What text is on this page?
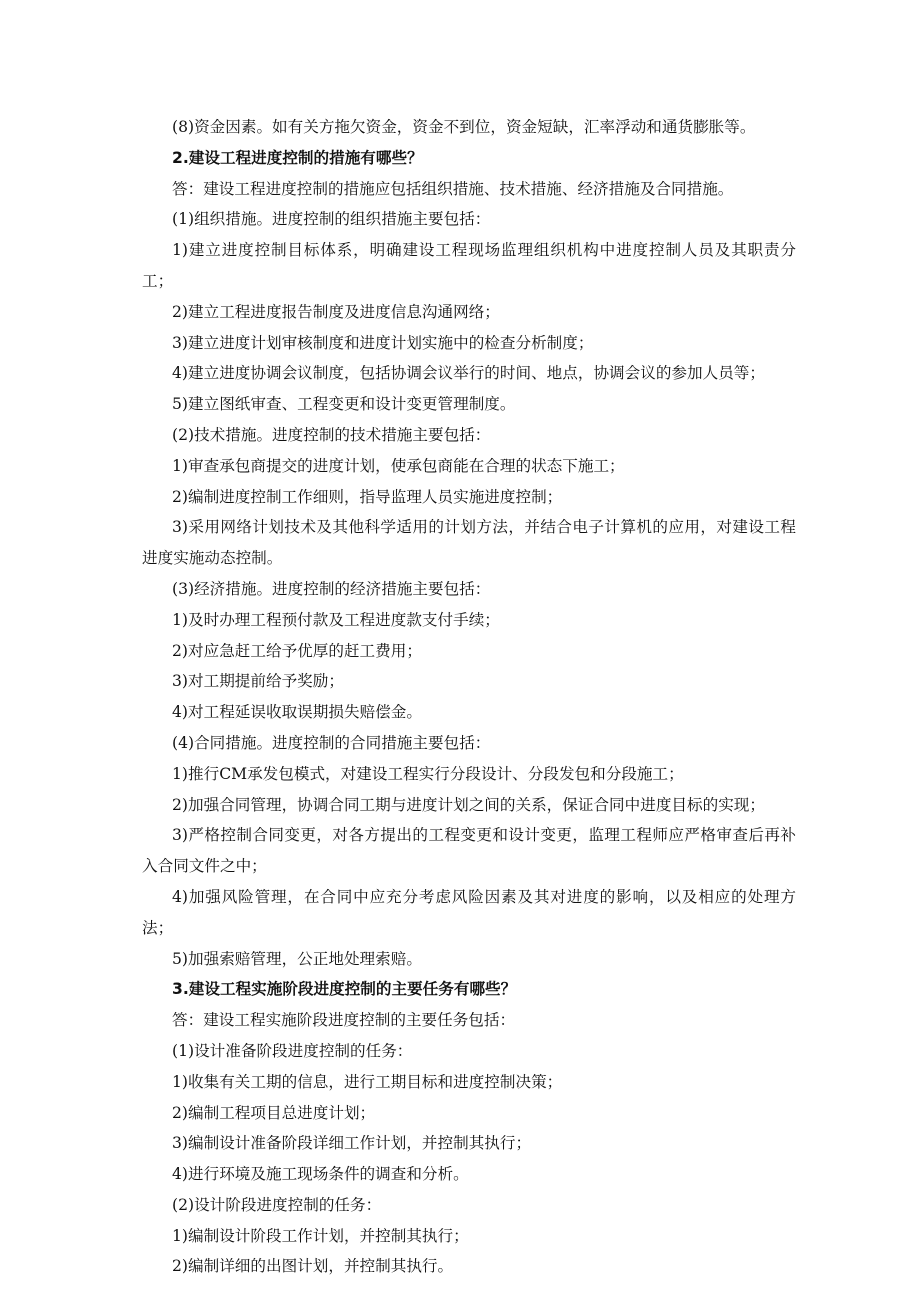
(8)资金因素。如有关方拖欠资金，资金不到位，资金短缺，汇率浮动和通货膨胀等。
2.建设工程进度控制的措施有哪些？
答：建设工程进度控制的措施应包括组织措施、技术措施、经济措施及合同措施。
(1)组织措施。进度控制的组织措施主要包括：
1)建立进度控制目标体系，明确建设工程现场监理组织机构中进度控制人员及其职责分工；
2)建立工程进度报告制度及进度信息沟通网络；
3)建立进度计划审核制度和进度计划实施中的检查分析制度；
4)建立进度协调会议制度，包括协调会议举行的时间、地点，协调会议的参加人员等；
5)建立图纸审查、工程变更和设计变更管理制度。
(2)技术措施。进度控制的技术措施主要包括：
1)审查承包商提交的进度计划，使承包商能在合理的状态下施工；
2)编制进度控制工作细则，指导监理人员实施进度控制；
3)采用网络计划技术及其他科学适用的计划方法，并结合电子计算机的应用，对建设工程进度实施动态控制。
(3)经济措施。进度控制的经济措施主要包括：
1)及时办理工程预付款及工程进度款支付手续；
2)对应急赶工给予优厚的赶工费用；
3)对工期提前给予奖励；
4)对工程延误收取误期损失赔偿金。
(4)合同措施。进度控制的合同措施主要包括：
1)推行CM承发包模式，对建设工程实行分段设计、分段发包和分段施工；
2)加强合同管理，协调合同工期与进度计划之间的关系，保证合同中进度目标的实现；
3)严格控制合同变更，对各方提出的工程变更和设计变更，监理工程师应严格审查后再补入合同文件之中；
4)加强风险管理，在合同中应充分考虑风险因素及其对进度的影响，以及相应的处理方法；
5)加强索赔管理，公正地处理索赔。
3.建设工程实施阶段进度控制的主要任务有哪些？
答：建设工程实施阶段进度控制的主要任务包括：
(1)设计准备阶段进度控制的任务：
1)收集有关工期的信息，进行工期目标和进度控制决策；
2)编制工程项目总进度计划；
3)编制设计准备阶段详细工作计划，并控制其执行；
4)进行环境及施工现场条件的调查和分析。
(2)设计阶段进度控制的任务：
1)编制设计阶段工作计划，并控制其执行；
2)编制详细的出图计划，并控制其执行。
